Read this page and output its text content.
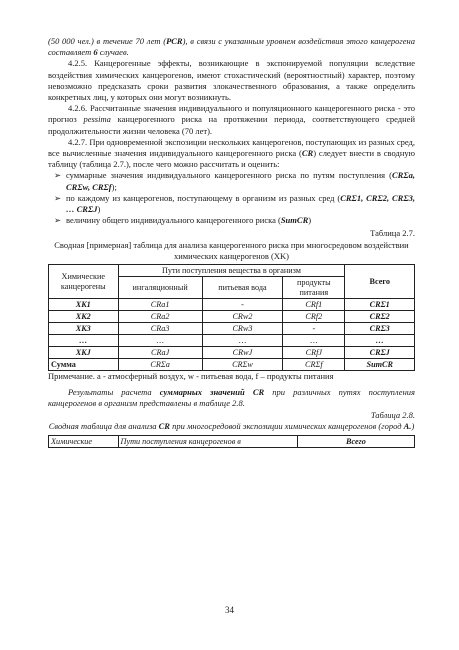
(50 000 чел.) в течение 70 лет (PCR), в связи с указанным уровнем воздействия этого канцерогена составляет 6 случаев.

4.2.5. Канцерогенные эффекты, возникающие в экспонируемой популяции вследствие воздействия химических канцерогенов, имеют стохастический (вероятностный) характер, поэтому невозможно предсказать сроки развития злокачественного образования, а также определить конкретных лиц, у которых они могут возникнуть.

4.2.6. Рассчитанные значения индивидуального и популяционного канцерогенного риска - это прогноз pessima канцерогенного риска на протяжении периода, соответствующего средней продолжительности жизни человека (70 лет).

4.2.7. При одновременной экспозиции нескольких канцерогенов, поступающих из разных сред, все вычисленные значения индивидуального канцерогенного риска (CR) следует внести в сводную таблицу (таблица 2.7.), после чего можно рассчитать и оценить:

➢ суммарные значения индивидуального канцерогенного риска по путям поступления (CRΣa, CRΣw, CRΣf);
➢ по каждому из канцерогенов, поступающему в организм из разных сред (CRΣ1, CRΣ2, CRΣ3, … CRΣJ)
➢ величину общего индивидуального канцерогенного риска (SumCR)

Таблица 2.7.

Сводная [примерная] таблица для анализа канцерогенного риска при многосредовом воздействии химических канцерогенов (XK)

Химические канцерогены	Пути поступления вещества в организм			Всего
	ингаляционный	питьевая вода	продукты питания	
XK1	CRa1	-	CRf1	CRΣ1
XK2	CRa2	CRw2	CRf2	CRΣ2
XK3	CRa3	CRw3	-	CRΣ3
…	…	…	…	…
XKJ	CRaJ	CRwJ	CRfJ	CRΣJ
Сумма	CRΣa	CRΣw	CRΣf	SumCR

Примечание. a - атмосферный воздух, w - питьевая вода, f – продукты питания

Результаты расчета суммарных значений CR при различных путях поступления канцерогенов в организм представлены в таблице 2.8.

Таблица 2.8.

Сводная таблица для анализа CR при многосредовой экспозиции химических канцерогенов (город А.)

Химические	Пути поступления канцерогенов в	Всего
34
